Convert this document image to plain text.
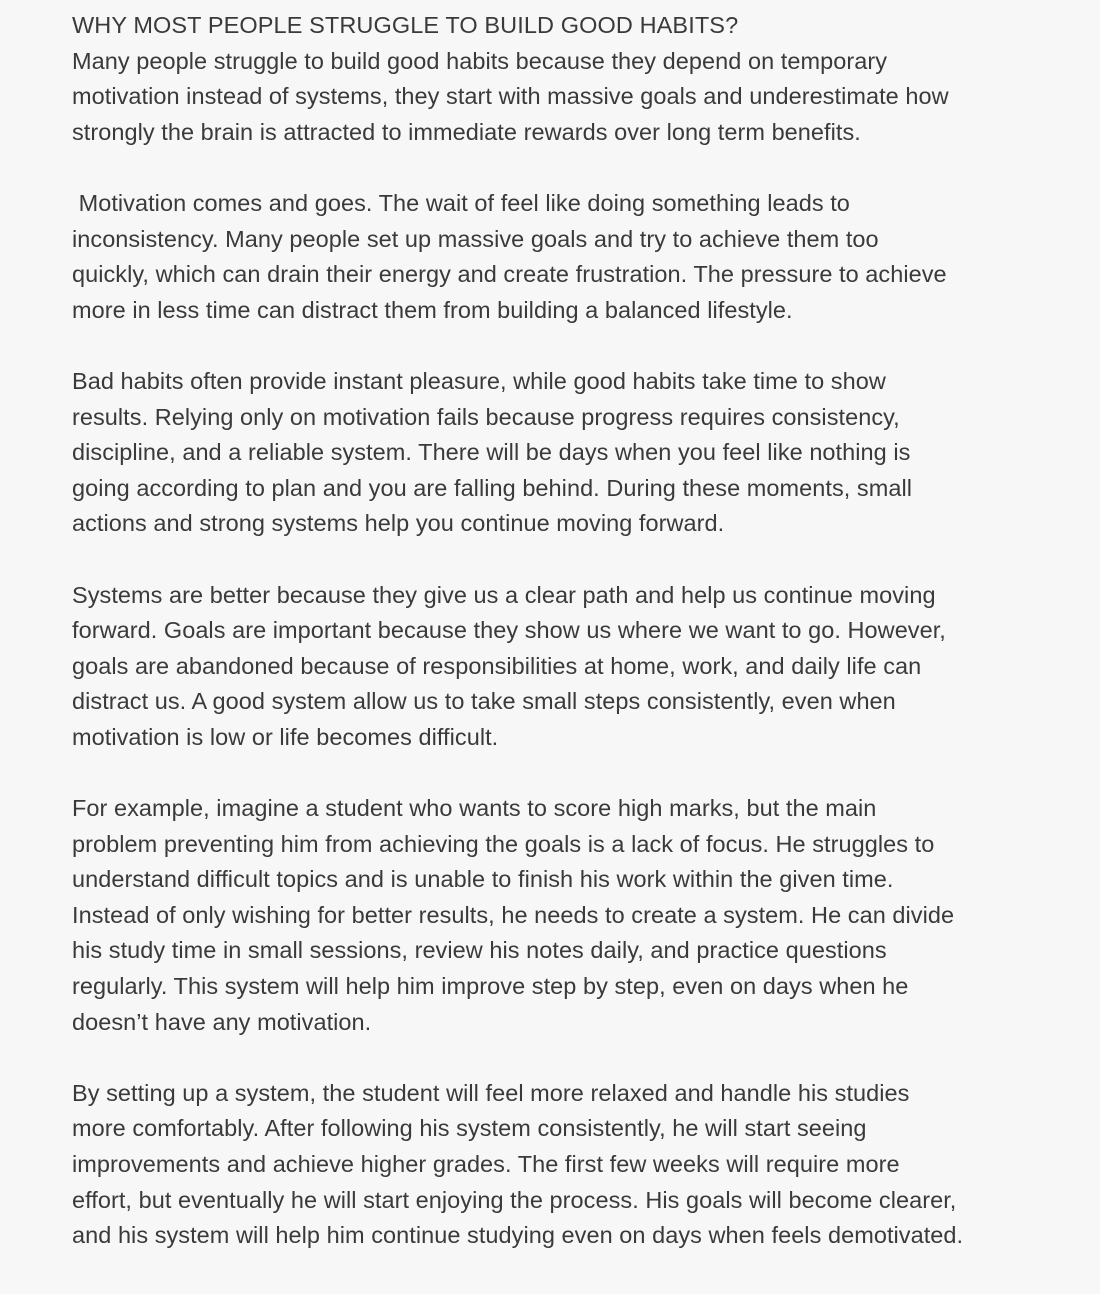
WHY MOST PEOPLE STRUGGLE TO BUILD GOOD HABITS?

Many people struggle to build good habits because they depend on temporary
motivation instead of systems, they start with massive goals and underestimate how
strongly the brain is attracted to immediate rewards over long term benefits.

Motivation comes and goes. The wait of feel like doing something leads to
inconsistency. Many people set up massive goals and try to achieve them too
quickly, which can drain their energy and create frustration. The pressure to achieve
more in less time can distract them from building a balanced lifestyle.

Bad habits often provide instant pleasure, while good habits take time to show
results. Relying only on motivation fails because progress requires consistency,
discipline, and a reliable system. There will be days when you feel like nothing is
going according to plan and you are falling behind. During these moments, small
actions and strong systems help you continue moving forward.

Systems are better because they give us a clear path and help us continue moving
forward. Goals are important because they show us where we want to go. However,
goals are abandoned because of responsibilities at home, work, and daily life can
distract us. A good system allow us to take small steps consistently, even when
motivation is low or life becomes difficult.

For example, imagine a student who wants to score high marks, but the main
problem preventing him from achieving the goals is a lack of focus. He struggles to
understand difficult topics and is unable to finish his work within the given time.
Instead of only wishing for better results, he needs to create a system. He can divide
his study time in small sessions, review his notes daily, and practice questions
regularly. This system will help him improve step by step, even on days when he
doesn’t have any motivation.

By setting up a system, the student will feel more relaxed and handle his studies
more comfortably. After following his system consistently, he will start seeing
improvements and achieve higher grades. The first few weeks will require more
effort, but eventually he will start enjoying the process. His goals will become clearer,
and his system will help him continue studying even on days when feels demotivated.
